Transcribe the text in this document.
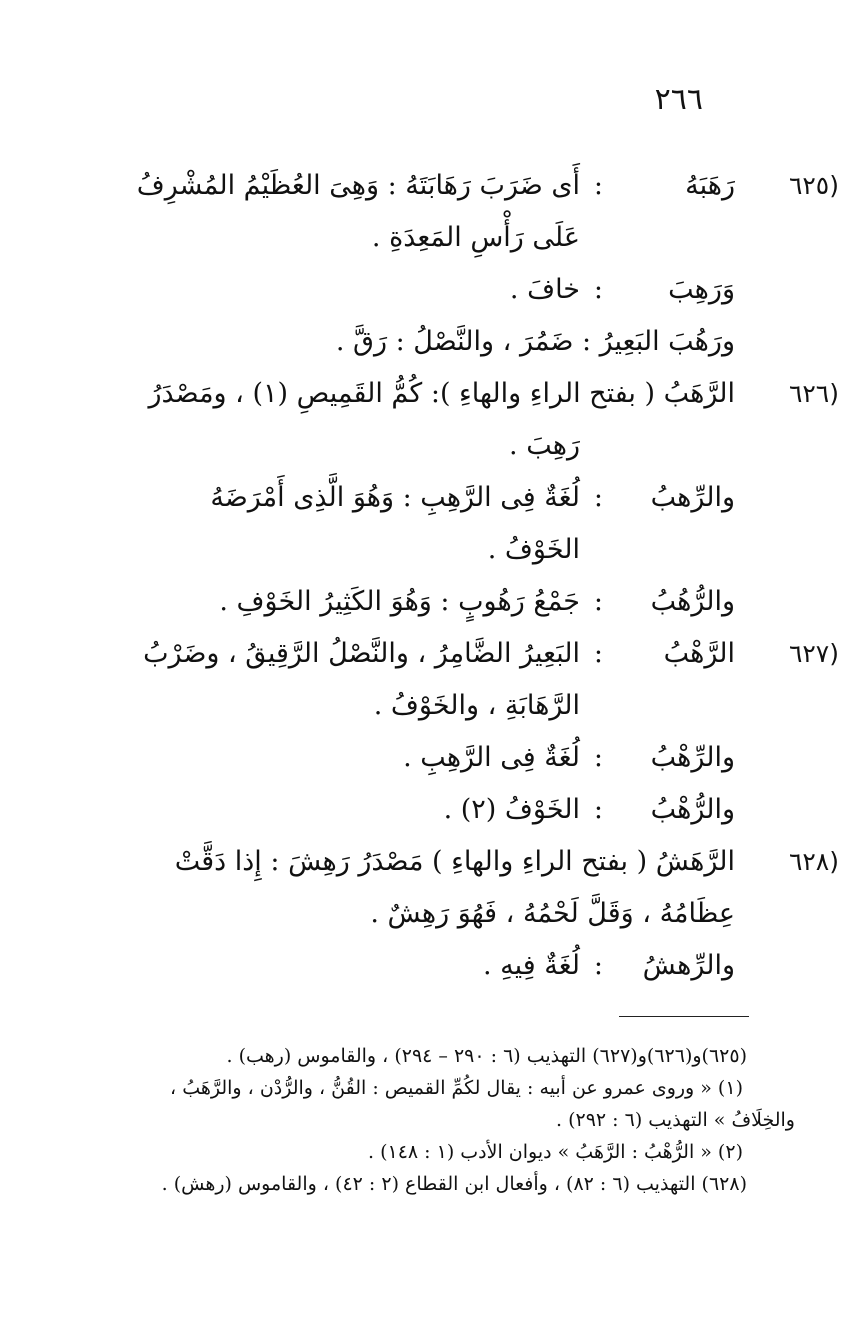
٢٦٦
(٦٢٥
رَهَبَهُ
:
أَى ضَرَبَ رَهَابَتَهُ : وَهِىَ العُظَيْمُ المُشْرِفُ
عَلَى رَأْسِ المَعِدَةِ .
وَرَهِبَ
:
خافَ .
ورَهُبَ البَعِيرُ : ضَمُرَ ، والنَّصْلُ : رَقَّ .
(٦٢٦
الرَّهَبُ ( بفتح الراءِ والهاءِ ): كُمُّ القَمِيصِ (١) ، ومَصْدَرُ
رَهِبَ .
والرِّهبُ
:
لُغَةٌ فِى الرَّهِبِ : وَهُوَ الَّذِى أَمْرَضَهُ
الخَوْفُ .
والرُّهُبُ
:
جَمْعُ رَهُوبٍ : وَهُوَ الكَثِيرُ الخَوْفِ .
(٦٢٧
الرَّهْبُ
:
البَعِيرُ الضَّامِرُ ، والنَّصْلُ الرَّقِيقُ ، وضَرْبُ
الرَّهَابَةِ ، والخَوْفُ .
والرِّهْبُ
:
لُغَةٌ فِى الرَّهِبِ .
والرُّهْبُ
:
الخَوْفُ (٢) .
(٦٢٨
الرَّهَشُ ( بفتح الراءِ والهاءِ ) مَصْدَرُ رَهِشَ : إِذا دَقَّتْ
عِظَامُهُ ، وَقَلَّ لَحْمُهُ ، فَهُوَ رَهِشٌ .
والرِّهشُ
:
لُغَةٌ فِيهِ .
(٦٢٥)و(٦٢٦)و(٦٢٧) التهذيب (٦ : ٢٩٠ – ٢٩٤) ، والقاموس (رهب) .
(١) « وروى عمرو عن أبيه : يقال لكُمِّ القميص : القُنُّ ، والرُّدْن ، والرَّهَبُ ،
والخِلَافُ » التهذيب (٦ : ٢٩٢) .
(٢) « الرُّهْبُ : الرَّهَبُ » ديوان الأدب (١ : ١٤٨) .
(٦٢٨) التهذيب (٦ : ٨٢) ، وأفعال ابن القطاع (٢ : ٤٢) ، والقاموس (رهش) .
